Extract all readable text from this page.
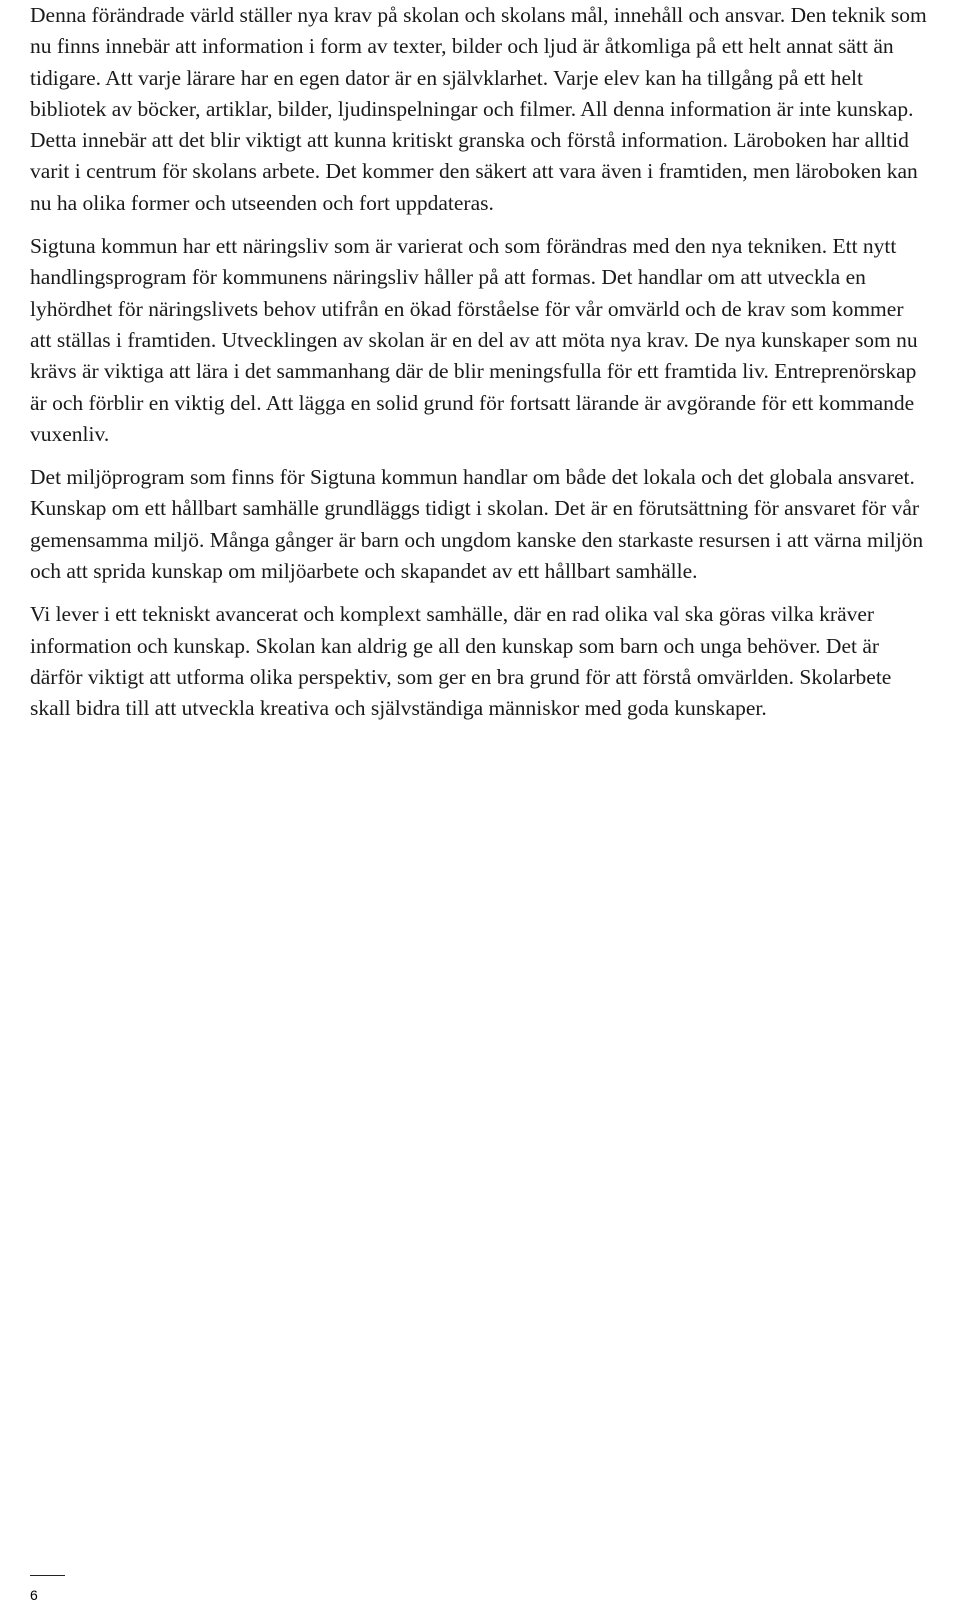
Denna förändrade värld ställer nya krav på skolan och skolans mål, innehåll och ansvar. Den teknik som nu finns innebär att information i form av texter, bilder och ljud är åtkomliga på ett helt annat sätt än tidigare. Att varje lärare har en egen dator är en självklarhet. Varje elev kan ha tillgång på ett helt bibliotek av böcker, artiklar, bilder, ljudinspelningar och filmer. All denna information är inte kunskap. Detta innebär att det blir viktigt att kunna kritiskt granska och förstå information. Läroboken har alltid varit i centrum för skolans arbete. Det kommer den säkert att vara även i framtiden, men läroboken kan nu ha olika former och utseenden och fort uppdateras.

Sigtuna kommun har ett näringsliv som är varierat och som förändras med den nya tekniken. Ett nytt handlingsprogram för kommunens näringsliv håller på att formas. Det handlar om att utveckla en lyhördhet för näringslivets behov utifrån en ökad förståelse för vår omvärld och de krav som kommer att ställas i framtiden. Utvecklingen av skolan är en del av att möta nya krav. De nya kunskaper som nu krävs är viktiga att lära i det sammanhang där de blir meningsfulla för ett framtida liv. Entreprenörskap är och förblir en viktig del. Att lägga en solid grund för fortsatt lärande är avgörande för ett kommande vuxenliv.

Det miljöprogram som finns för Sigtuna kommun handlar om både det lokala och det globala ansvaret. Kunskap om ett hållbart samhälle grundläggs tidigt i skolan. Det är en förutsättning för ansvaret för vår gemensamma miljö. Många gånger är barn och ungdom kanske den starkaste resursen i att värna miljön och att sprida kunskap om miljöarbete och skapandet av ett hållbart samhälle.

Vi lever i ett tekniskt avancerat och komplext samhälle, där en rad olika val ska göras vilka kräver information och kunskap. Skolan kan aldrig ge all den kunskap som barn och unga behöver. Det är därför viktigt att utforma olika perspektiv, som ger en bra grund för att förstå omvärlden. Skolarbete skall bidra till att utveckla kreativa och självständiga människor med goda kunskaper.

6
